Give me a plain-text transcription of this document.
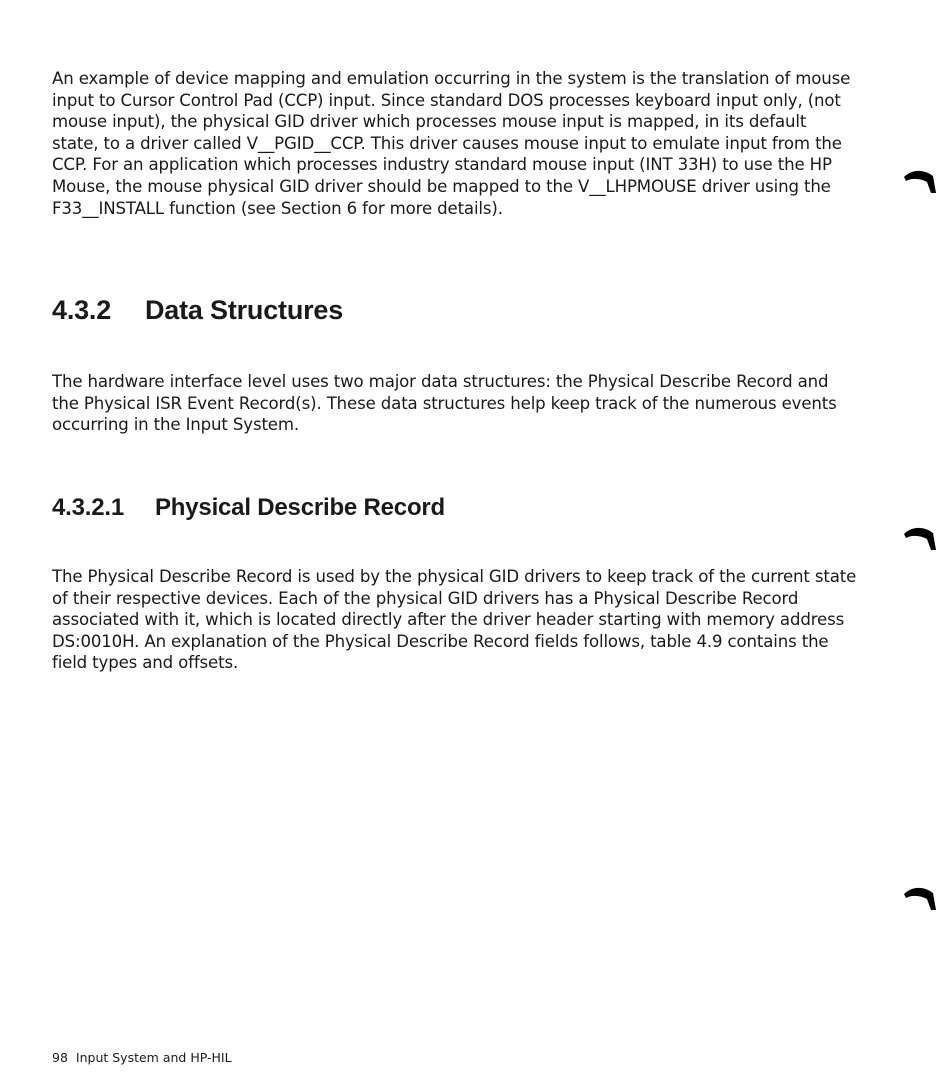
An example of device mapping and emulation occurring in the system is the translation of mouse
input to Cursor Control Pad (CCP) input. Since standard DOS processes keyboard input only, (not
mouse input), the physical GID driver which processes mouse input is mapped, in its default
state, to a driver called V__PGID__CCP. This driver causes mouse input to emulate input from the
CCP. For an application which processes industry standard mouse input (INT 33H) to use the HP
Mouse, the mouse physical GID driver should be mapped to the V__LHPMOUSE driver using the
F33__INSTALL function (see Section 6 for more details).

4.3.2 Data Structures

The hardware interface level uses two major data structures: the Physical Describe Record and
the Physical ISR Event Record(s). These data structures help keep track of the numerous events
occurring in the Input System.

4.3.2.1 Physical Describe Record

The Physical Describe Record is used by the physical GID drivers to keep track of the current state
of their respective devices. Each of the physical GID drivers has a Physical Describe Record
associated with it, which is located directly after the driver header starting with memory address
DS:0010H. An explanation of the Physical Describe Record fields follows, table 4.9 contains the
field types and offsets.

98 Input System and HP-HIL
